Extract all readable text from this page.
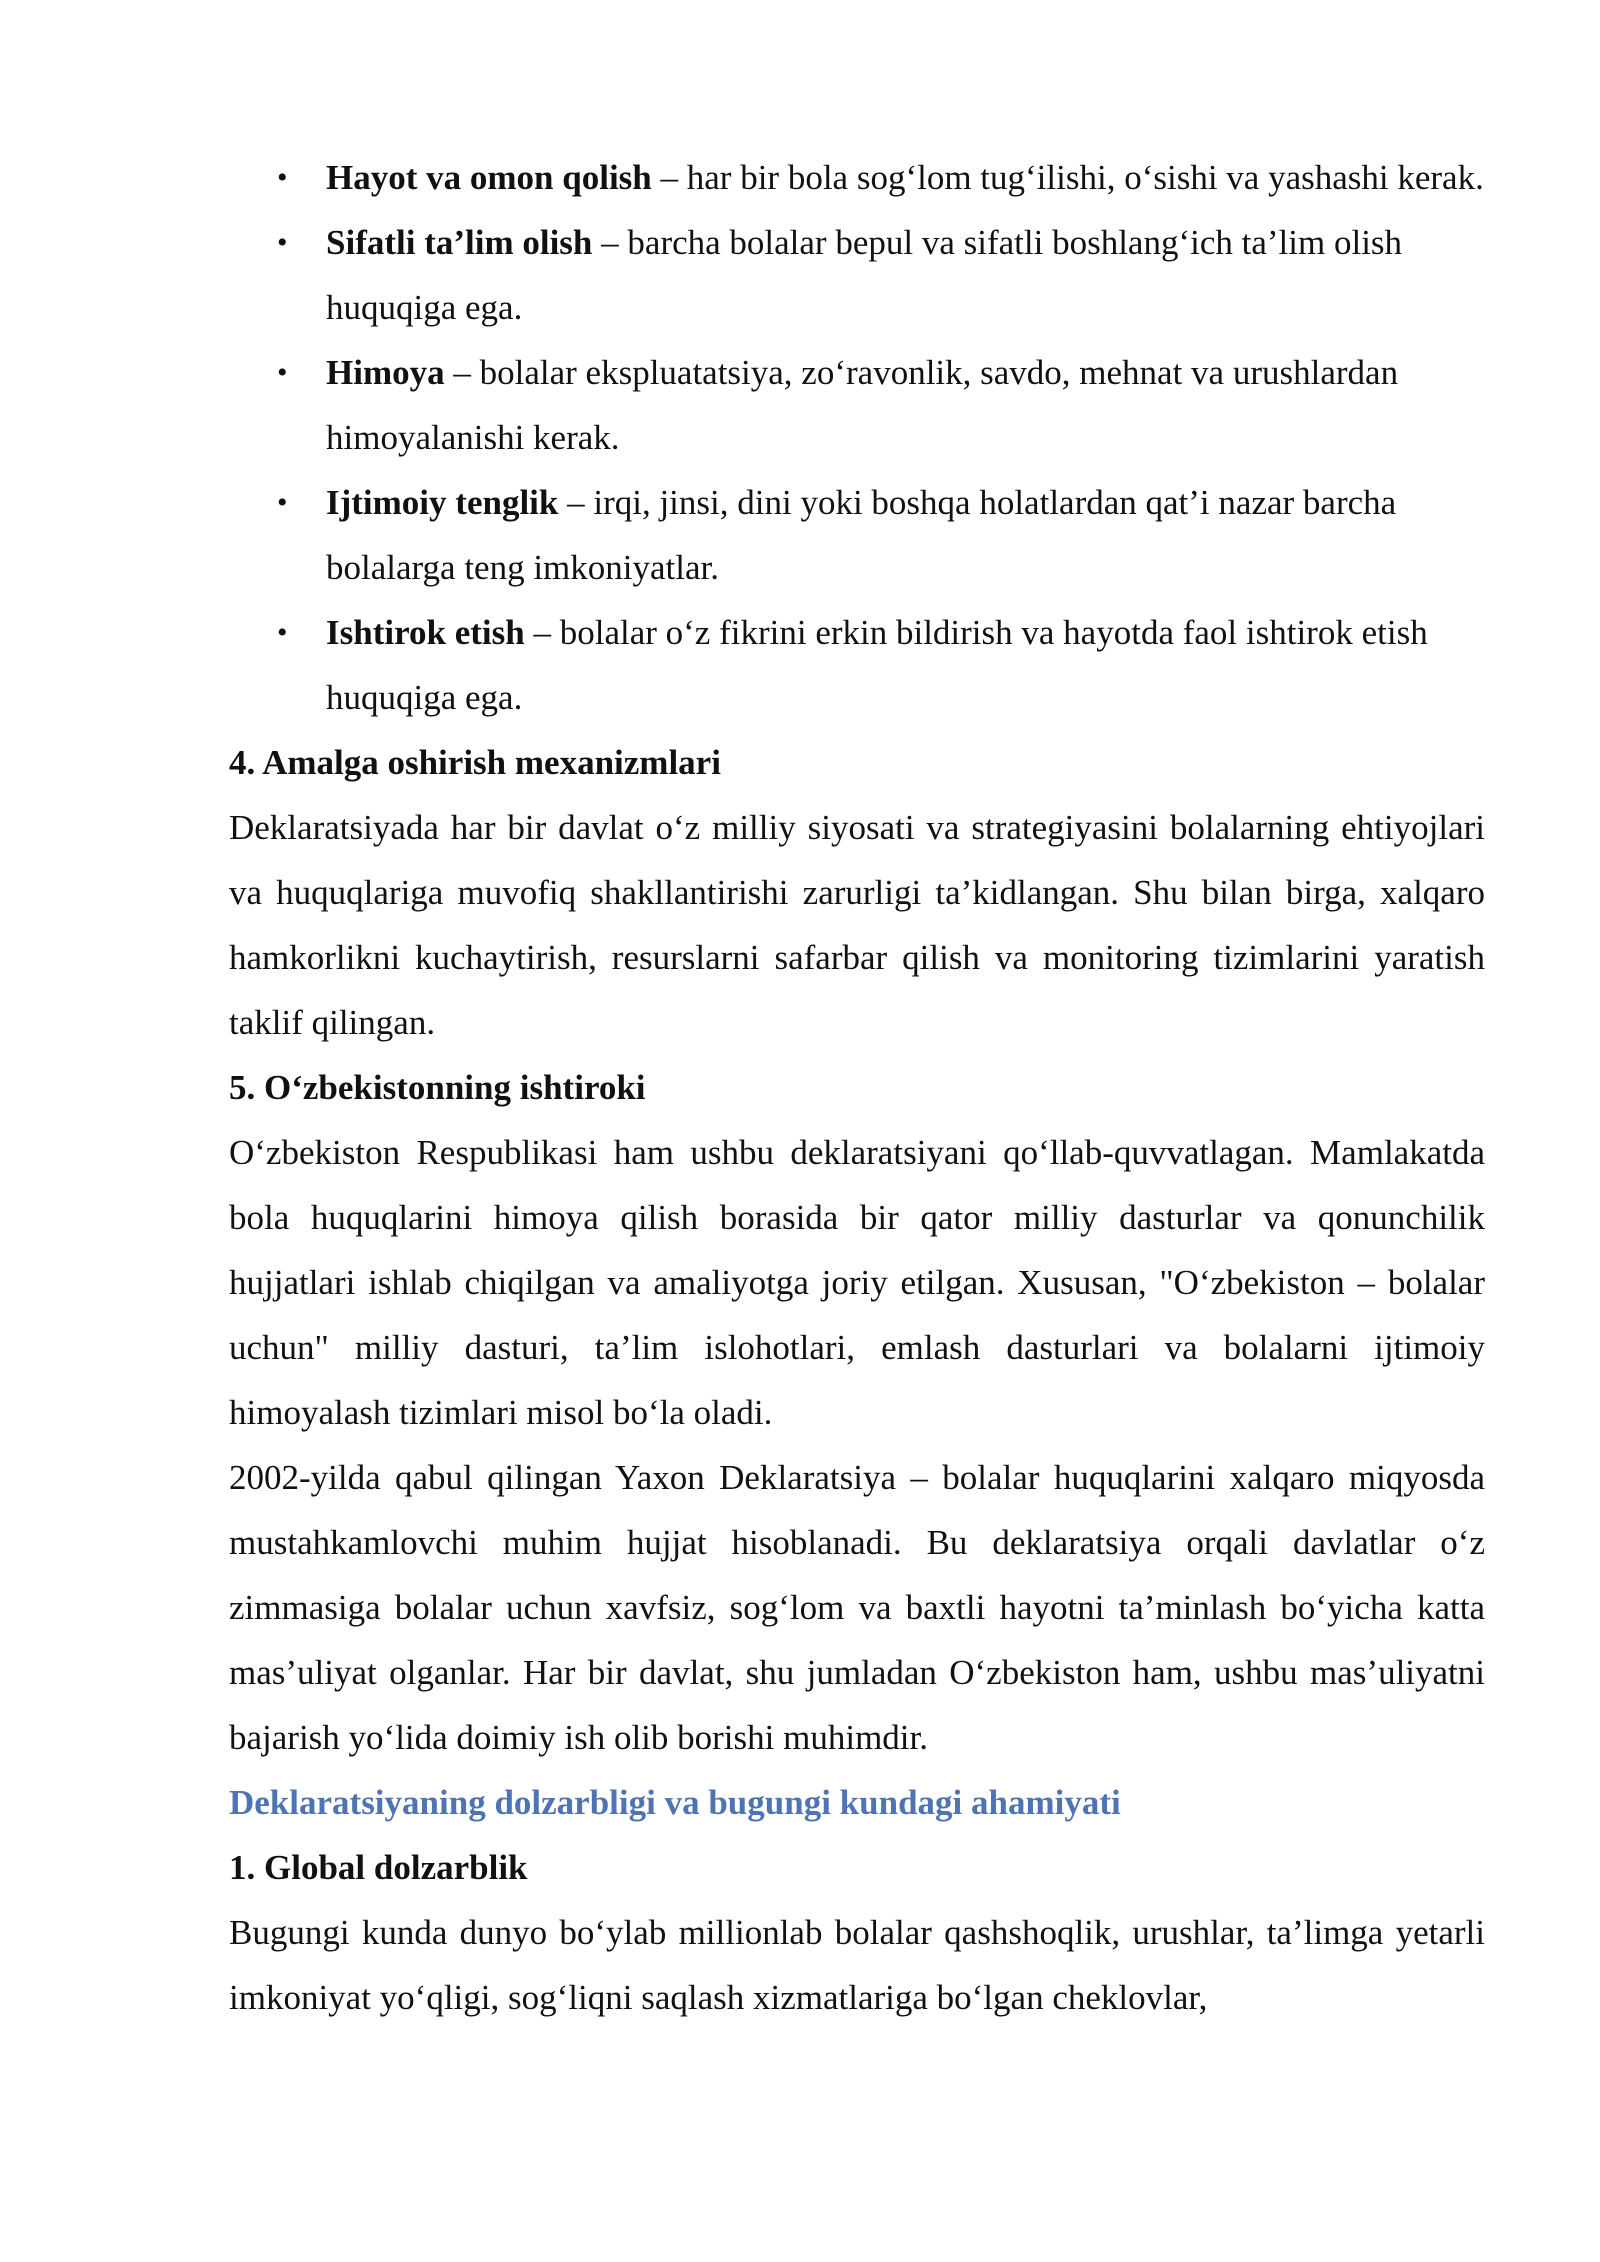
• Hayot va omon qolish – har bir bola sog‘lom tug‘ilishi, o‘sishi va yashashi kerak.
• Sifatli ta’lim olish – barcha bolalar bepul va sifatli boshlang‘ich ta’lim olish huquqiga ega.
• Himoya – bolalar ekspluatatsiya, zo‘ravonlik, savdo, mehnat va urushlardan himoyalanishi kerak.
• Ijtimoiy tenglik – irqi, jinsi, dini yoki boshqa holatlardan qat’i nazar barcha bolalarga teng imkoniyatlar.
• Ishtirok etish – bolalar o‘z fikrini erkin bildirish va hayotda faol ishtirok etish huquqiga ega.
4. Amalga oshirish mexanizmlari

Deklaratsiyada har bir davlat o‘z milliy siyosati va strategiyasini bolalarning ehtiyojlari va huquqlariga muvofiq shakllantirishi zarurligi ta’kidlangan. Shu bilan birga, xalqaro hamkorlikni kuchaytirish, resurslarni safarbar qilish va monitoring tizimlarini yaratish taklif qilingan.

5. O‘zbekistonning ishtiroki

O‘zbekiston Respublikasi ham ushbu deklaratsiyani qo‘llab-quvvatlagan. Mamlakatda bola huquqlarini himoya qilish borasida bir qator milliy dasturlar va qonunchilik hujjatlari ishlab chiqilgan va amaliyotga joriy etilgan. Xususan, "O‘zbekiston – bolalar uchun" milliy dasturi, ta’lim islohotlari, emlash dasturlari va bolalarni ijtimoiy himoyalash tizimlari misol bo‘la oladi.

2002-yilda qabul qilingan Yaxon Deklaratsiya – bolalar huquqlarini xalqaro miqyosda mustahkamlovchi muhim hujjat hisoblanadi. Bu deklaratsiya orqali davlatlar o‘z zimmasiga bolalar uchun xavfsiz, sog‘lom va baxtli hayotni ta’minlash bo‘yicha katta mas’uliyat olganlar. Har bir davlat, shu jumladan O‘zbekiston ham, ushbu mas’uliyatni bajarish yo‘lida doimiy ish olib borishi muhimdir.

Deklaratsiyaning dolzarbligi va bugungi kundagi ahamiyati
1. Global dolzarblik

Bugungi kunda dunyo bo‘ylab millionlab bolalar qashshoqlik, urushlar, ta’limga yetarli imkoniyat yo‘qligi, sog‘liqni saqlash xizmatlariga bo‘lgan cheklovlar,
